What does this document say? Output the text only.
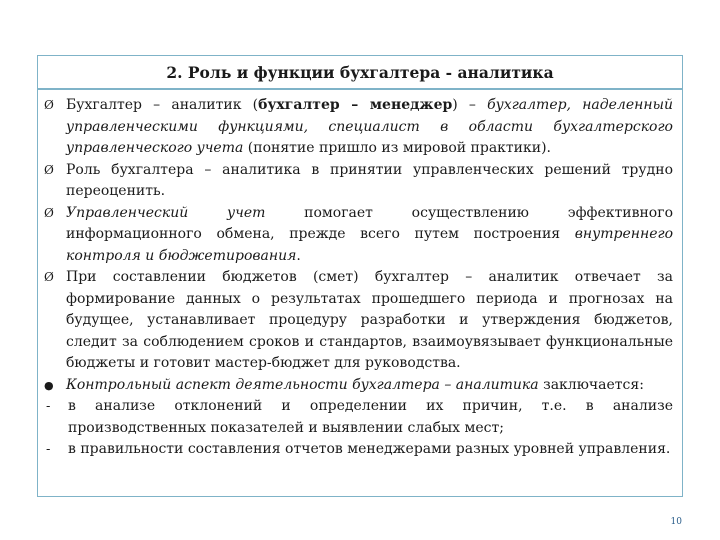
2. Роль и функции бухгалтера - аналитика
Ø Бухгалтер – аналитик (бухгалтер – менеджер) – бухгалтер, наделенный управленческими функциями, специалист в области бухгалтерского управленческого учета (понятие пришло из мировой практики).
Ø Роль бухгалтера – аналитика в принятии управленческих решений трудно переоценить.
Ø Управленческий учет помогает осуществлению эффективного информационного обмена, прежде всего путем построения внутреннего контроля и бюджетирования.
Ø При составлении бюджетов (смет) бухгалтер – аналитик отвечает за формирование данных о результатах прошедшего периода и прогнозах на будущее, устанавливает процедуру разработки и утверждения бюджетов, следит за соблюдением сроков и стандартов, взаимоувязывает функциональные бюджеты и готовит мастер-бюджет для руководства.
● Контрольный аспект деятельности бухгалтера – аналитика заключается:
-	в анализе отклонений и определении их причин, т.е. в анализе производственных показателей и выявлении слабых мест;
-	в правильности составления отчетов менеджерами разных уровней управления.
10
